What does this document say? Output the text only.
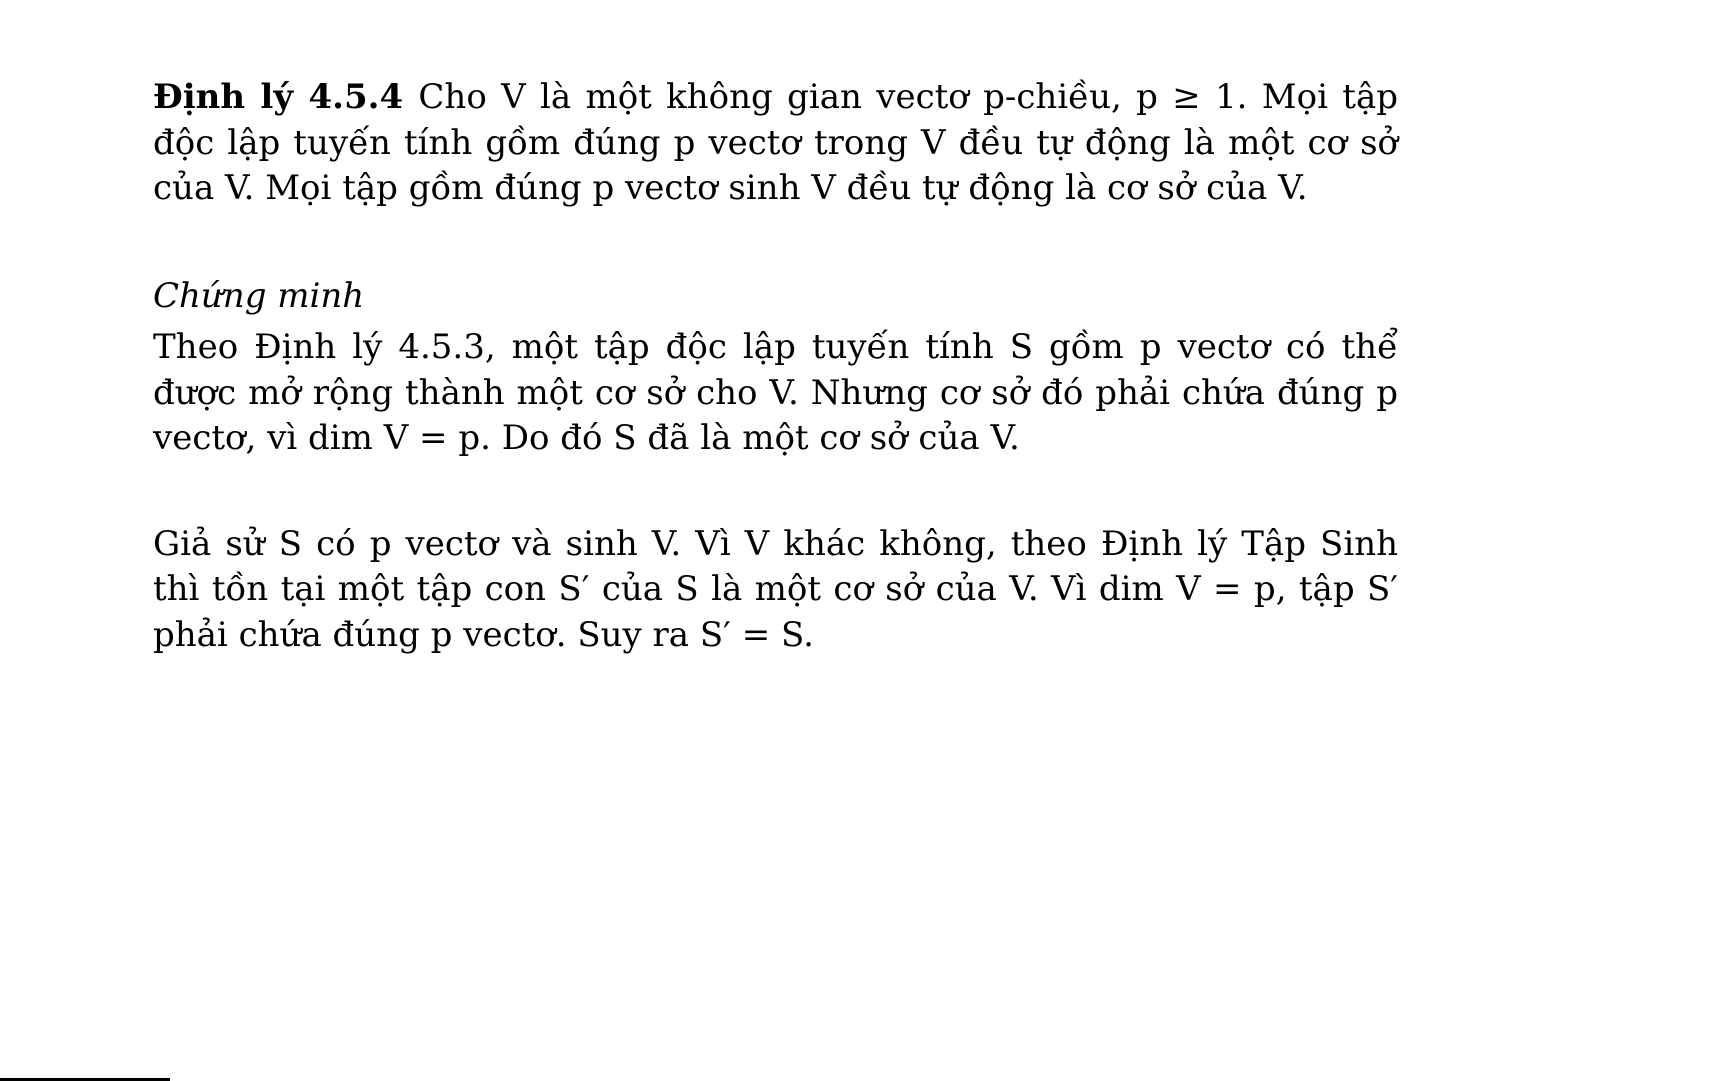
Định lý 4.5.4 Cho V là một không gian vectơ p-chiều, p ≥ 1. Mọi tập độc lập tuyến tính gồm đúng p vectơ trong V đều tự động là một cơ sở của V. Mọi tập gồm đúng p vectơ sinh V đều tự động là cơ sở của V.

Chứng minh

Theo Định lý 4.5.3, một tập độc lập tuyến tính S gồm p vectơ có thể được mở rộng thành một cơ sở cho V. Nhưng cơ sở đó phải chứa đúng p vectơ, vì dim V = p. Do đó S đã là một cơ sở của V.

Giả sử S có p vectơ và sinh V. Vì V khác không, theo Định lý Tập Sinh thì tồn tại một tập con S′ của S là một cơ sở của V. Vì dim V = p, tập S′ phải chứa đúng p vectơ. Suy ra S′ = S.
